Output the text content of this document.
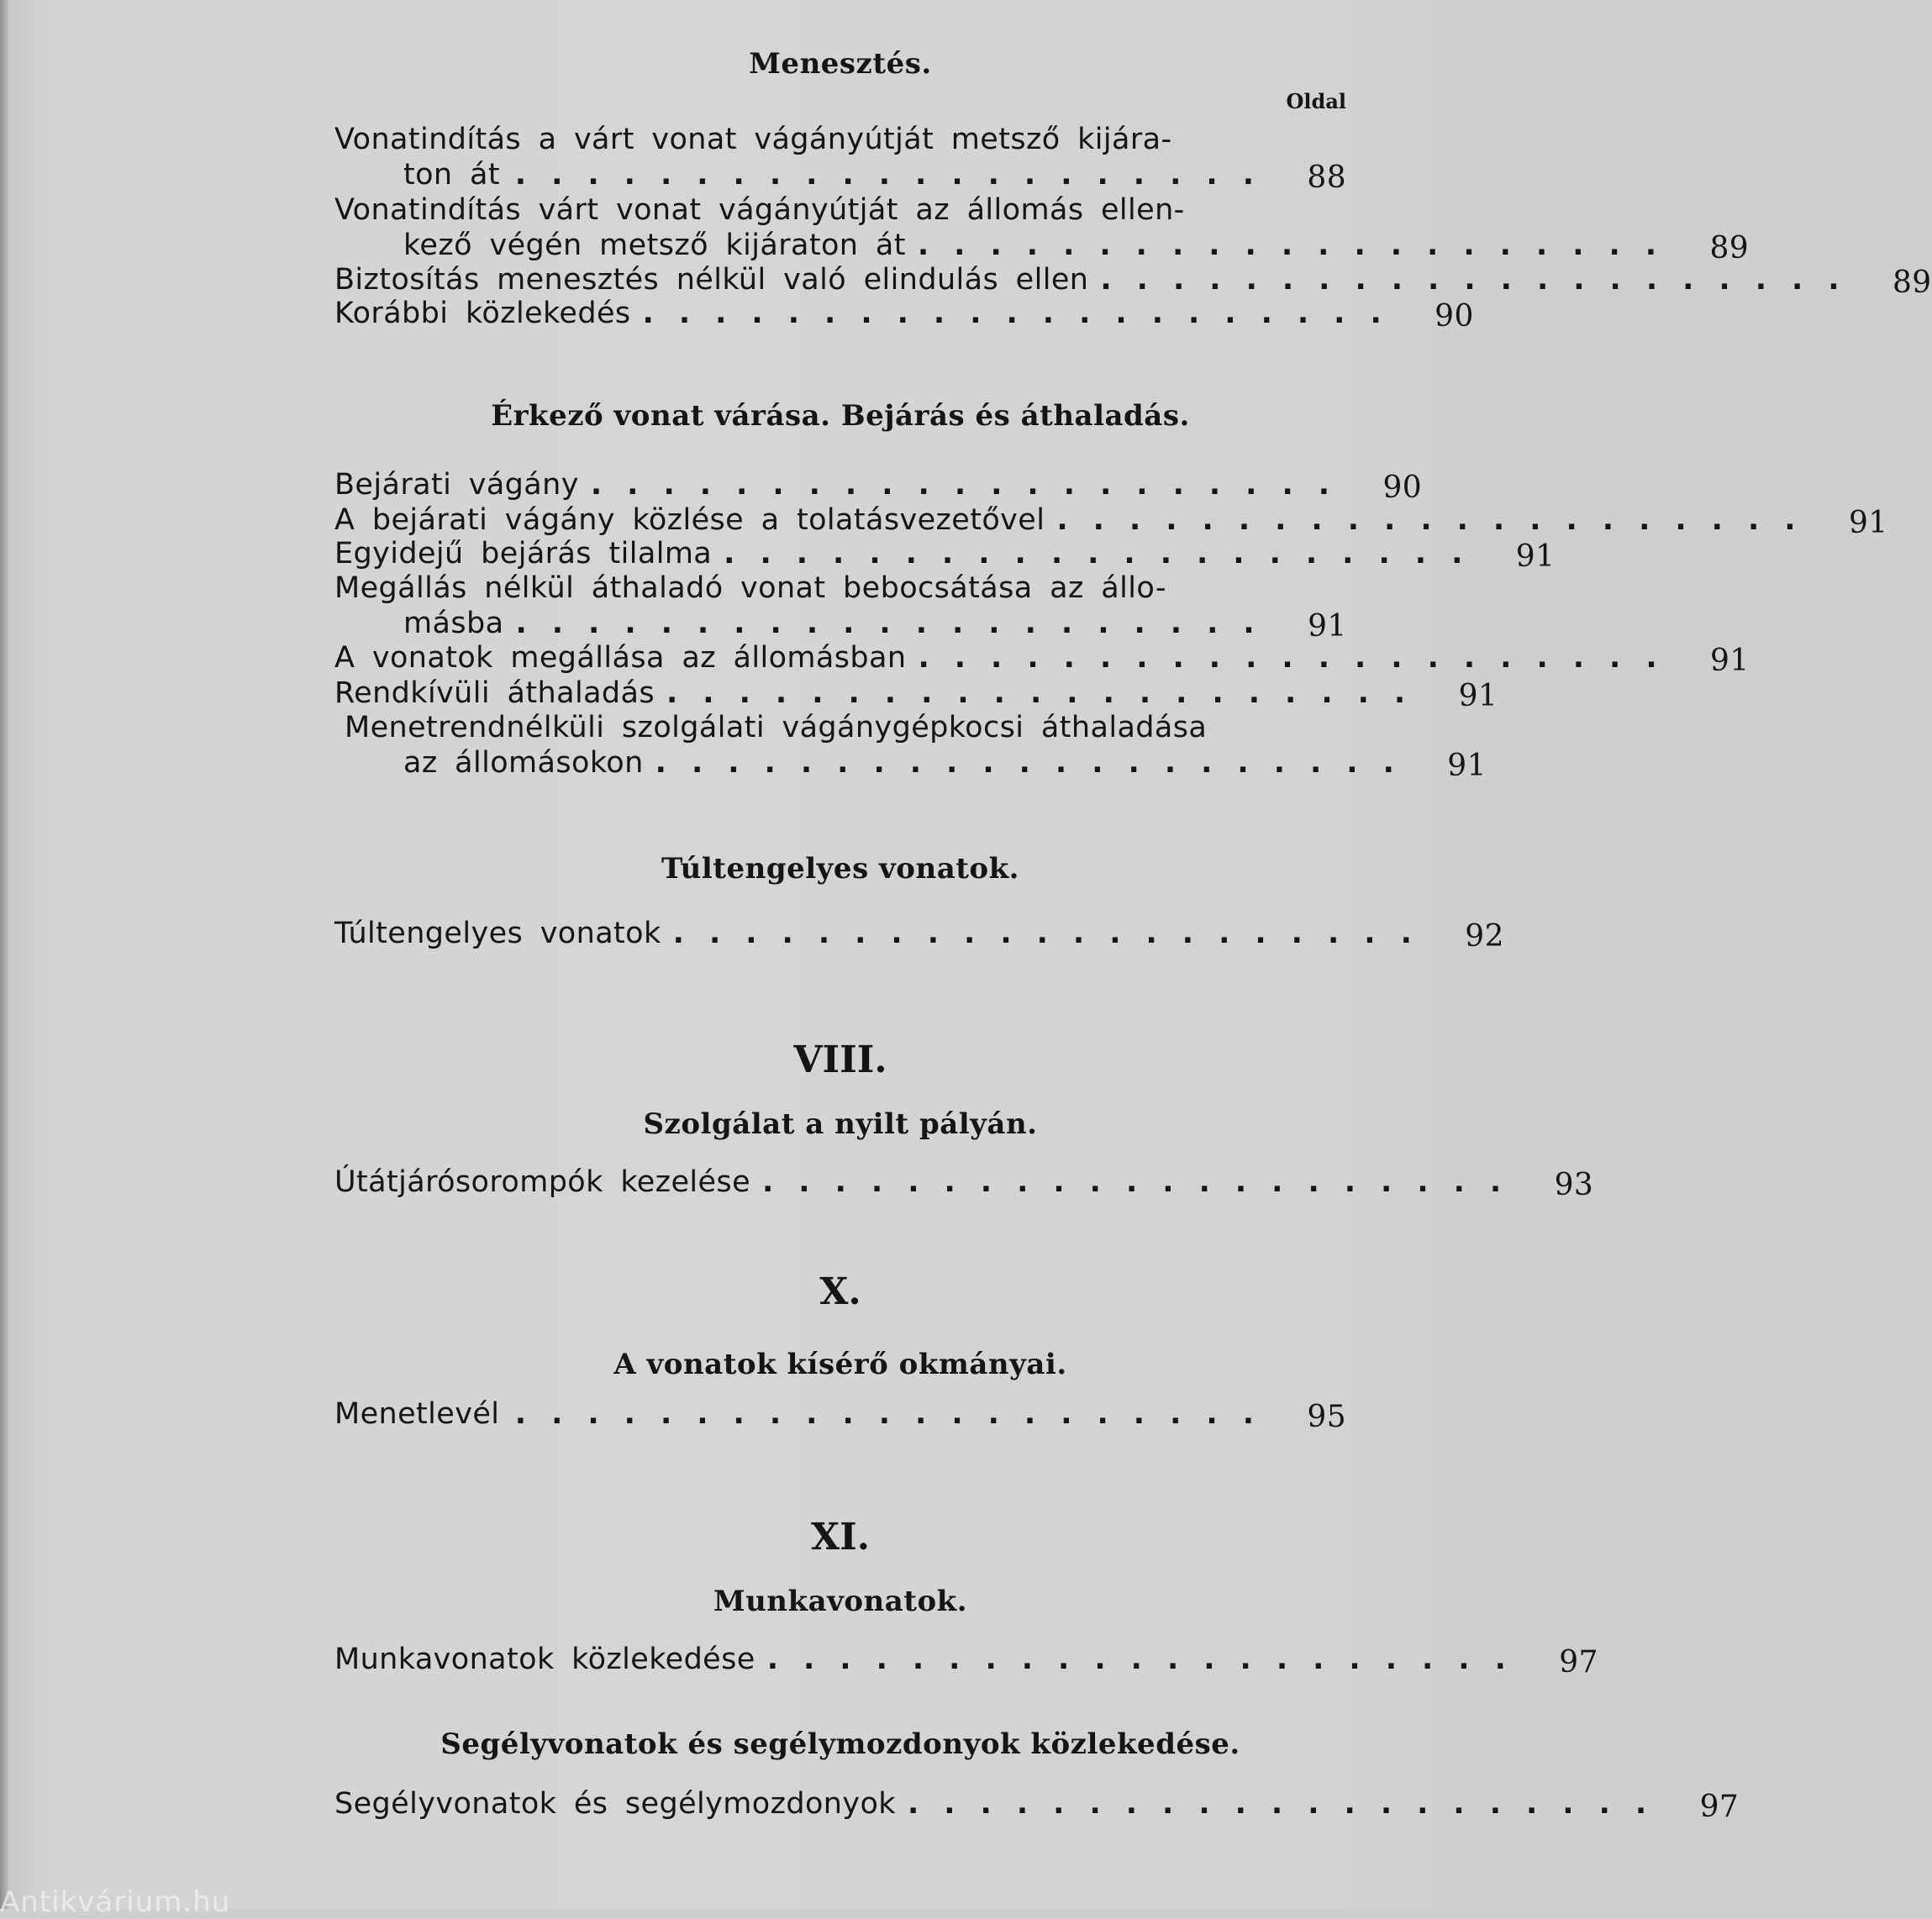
Menesztés.
Oldal
Vonatindítás a várt vonat vágányútját metsző kijára-
ton át ..................... 88
Vonatindítás várt vonat vágányútját az állomás ellen-
kező végén metsző kijáraton át ..................... 89
Biztosítás menesztés nélkül való elindulás ellen ..................... 89
Korábbi közlekedés ..................... 90
Érkező vonat várása. Bejárás és áthaladás.
Bejárati vágány ..................... 90
A bejárati vágány közlése a tolatásvezetővel ..................... 91
Egyidejű bejárás tilalma ..................... 91
Megállás nélkül áthaladó vonat bebocsátása az állo-
másba ..................... 91
A vonatok megállása az állomásban ..................... 91
Rendkívüli áthaladás ..................... 91
Menetrendnélküli szolgálati vágánygépkocsi áthaladása
az állomásokon ..................... 91
Túltengelyes vonatok.
Túltengelyes vonatok ..................... 92
VIII.
Szolgálat a nyilt pályán.
Útátjárósorompók kezelése ..................... 93
X.
A vonatok kísérő okmányai.
Menetlevél ..................... 95
XI.
Munkavonatok.
Munkavonatok közlekedése ..................... 97
Segélyvonatok és segélymozdonyok közlekedése.
Segélyvonatok és segélymozdonyok ..................... 97
Antikvárium.hu
